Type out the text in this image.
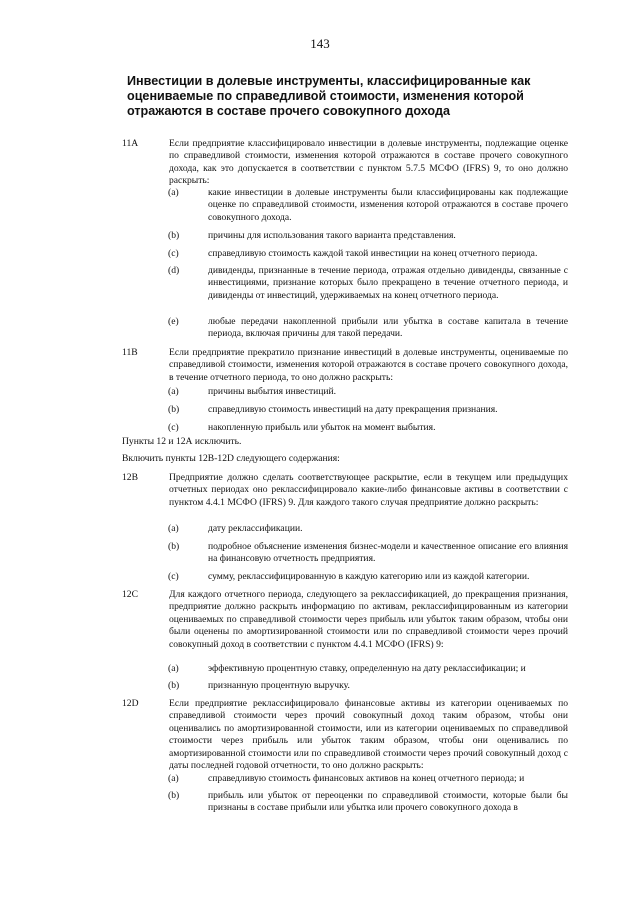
143
Инвестиции в долевые инструменты, классифицированные как оцениваемые по справедливой стоимости, изменения которой отражаются в составе прочего совокупного дохода
11A	Если предприятие классифицировало инвестиции в долевые инструменты, подлежащие оценке по справедливой стоимости, изменения которой отражаются в составе прочего совокупного дохода, как это допускается в соответствии с пунктом 5.7.5 МСФО (IFRS) 9, то оно должно раскрыть:
(a)	какие инвестиции в долевые инструменты были классифицированы как подлежащие оценке по справедливой стоимости, изменения которой отражаются в составе прочего совокупного дохода.
(b)	причины для использования такого варианта представления.
(c)	справедливую стоимость каждой такой инвестиции на конец отчетного периода.
(d)	дивиденды, признанные в течение периода, отражая отдельно дивиденды, связанные с инвестициями, признание которых было прекращено в течение отчетного периода, и дивиденды от инвестиций, удерживаемых на конец отчетного периода.
(e)	любые передачи накопленной прибыли или убытка в составе капитала в течение периода, включая причины для такой передачи.
11B	Если предприятие прекратило признание инвестиций в долевые инструменты, оцениваемые по справедливой стоимости, изменения которой отражаются в составе прочего совокупного дохода, в течение отчетного периода, то оно должно раскрыть:
(a)	причины выбытия инвестиций.
(b)	справедливую стоимость инвестиций на дату прекращения признания.
(c)	накопленную прибыль или убыток на момент выбытия.
Пункты 12 и 12А исключить.
Включить пункты 12В-12D следующего содержания:
12B	Предприятие должно сделать соответствующее раскрытие, если в текущем или предыдущих отчетных периодах оно реклассифицировало какие-либо финансовые активы в соответствии с пунктом 4.4.1 МСФО (IFRS) 9. Для каждого такого случая предприятие должно раскрыть:
(a)	дату реклассификации.
(b)	подробное объяснение изменения бизнес-модели и качественное описание его влияния на финансовую отчетность предприятия.
(c)	сумму, реклассифицированную в каждую категорию или из каждой категории.
12C	Для каждого отчетного периода, следующего за реклассификацией, до прекращения признания, предприятие должно раскрыть информацию по активам, реклассифицированным из категории оцениваемых по справедливой стоимости через прибыль или убыток таким образом, чтобы они были оценены по амортизированной стоимости или по справедливой стоимости через прочий совокупный доход в соответствии с пунктом 4.4.1 МСФО (IFRS) 9:
(a)	эффективную процентную ставку, определенную на дату реклассификации; и
(b)	признанную процентную выручку.
12D	Если предприятие реклассифицировало финансовые активы из категории оцениваемых по справедливой стоимости через прочий совокупный доход таким образом, чтобы они оценивались по амортизированной стоимости, или из категории оцениваемых по справедливой стоимости через прибыль или убыток таким образом, чтобы они оценивались по амортизированной стоимости или по справедливой стоимости через прочий совокупный доход с даты последней годовой отчетности, то оно должно раскрыть:
(a)	справедливую стоимость финансовых активов на конец отчетного периода; и
(b)	прибыль или убыток от переоценки по справедливой стоимости, которые были бы признаны в составе прибыли или убытка или прочего совокупного дохода в
